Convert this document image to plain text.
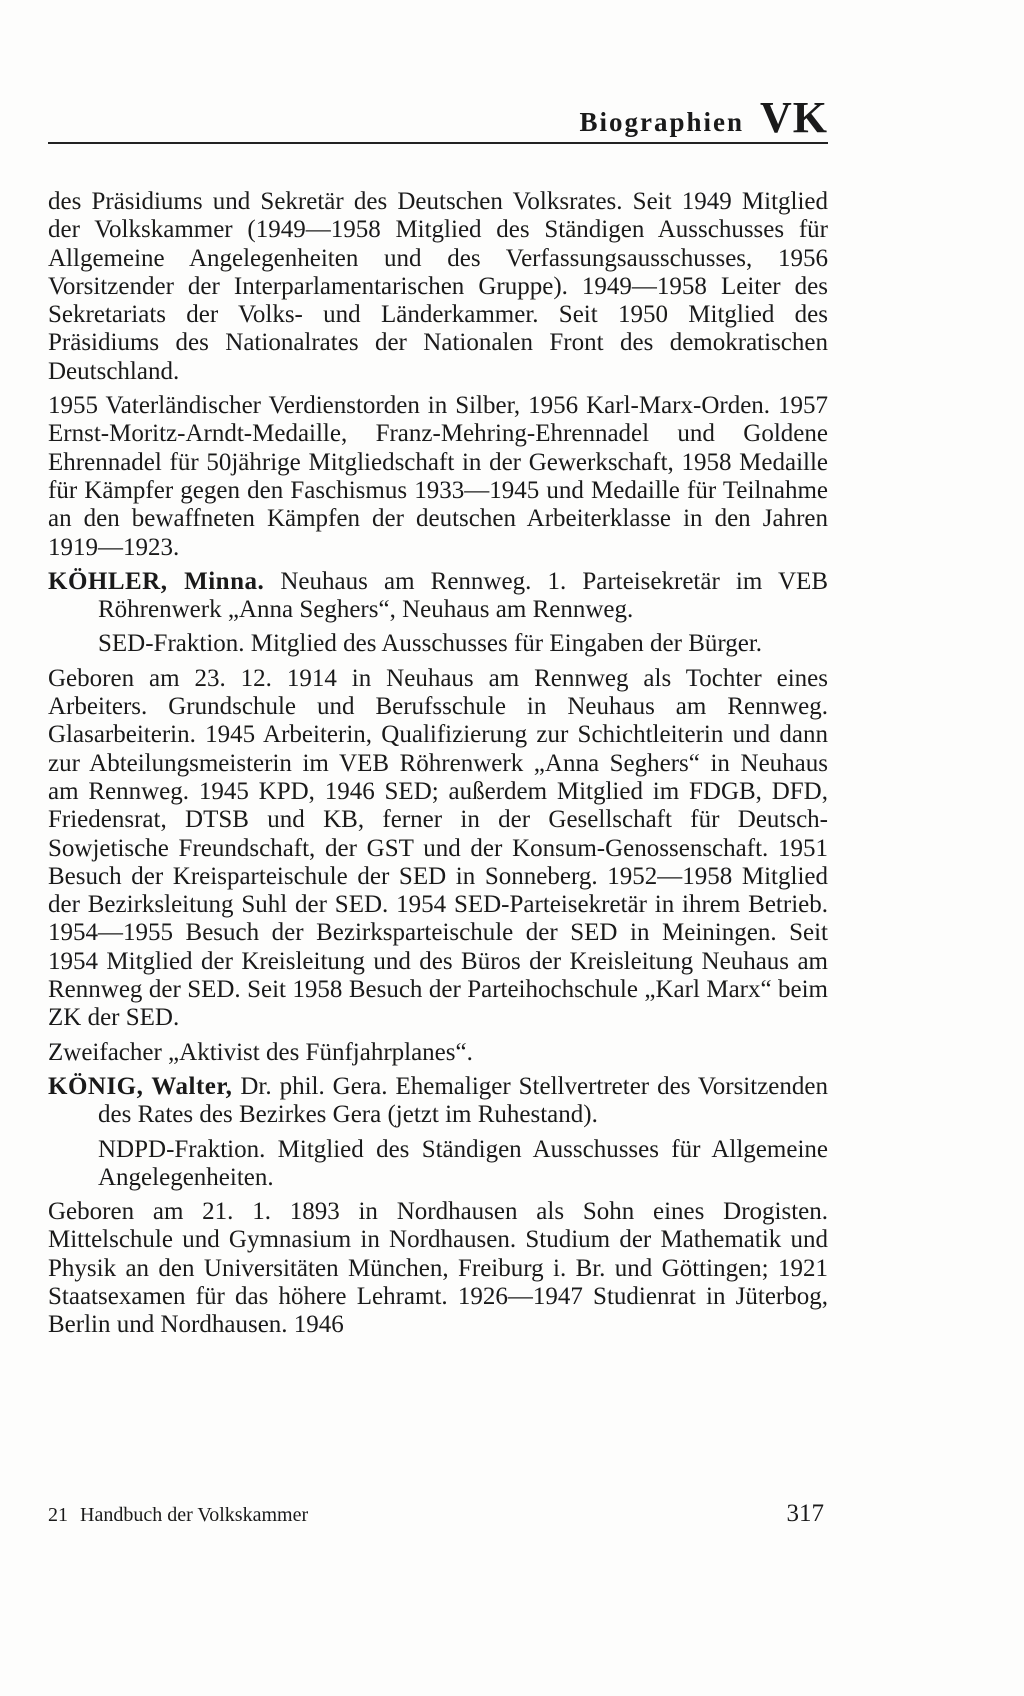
Biographien VK

des Präsidiums und Sekretär des Deutschen Volksrates. Seit 1949 Mitglied der Volkskammer (1949—1958 Mitglied des Ständigen Ausschusses für Allgemeine Angelegenheiten und des Verfassungsausschusses, 1956 Vorsitzender der Interparlamentarischen Gruppe). 1949—1958 Leiter des Sekretariats der Volks- und Länderkammer. Seit 1950 Mitglied des Präsidiums des Nationalrates der Nationalen Front des demokratischen Deutschland.

1955 Vaterländischer Verdienstorden in Silber, 1956 Karl-Marx-Orden. 1957 Ernst-Moritz-Arndt-Medaille, Franz-Mehring-Ehrennadel und Goldene Ehrennadel für 50jährige Mitgliedschaft in der Gewerkschaft, 1958 Medaille für Kämpfer gegen den Faschismus 1933—1945 und Medaille für Teilnahme an den bewaffneten Kämpfen der deutschen Arbeiterklasse in den Jahren 1919—1923.

KÖHLER, Minna. Neuhaus am Rennweg. 1. Parteisekretär im VEB Röhrenwerk „Anna Seghers“, Neuhaus am Rennweg.

SED-Fraktion. Mitglied des Ausschusses für Eingaben der Bürger.

Geboren am 23. 12. 1914 in Neuhaus am Rennweg als Tochter eines Arbeiters. Grundschule und Berufsschule in Neuhaus am Rennweg. Glasarbeiterin. 1945 Arbeiterin, Qualifizierung zur Schichtleiterin und dann zur Abteilungsmeisterin im VEB Röhrenwerk „Anna Seghers“ in Neuhaus am Rennweg. 1945 KPD, 1946 SED; außerdem Mitglied im FDGB, DFD, Friedensrat, DTSB und KB, ferner in der Gesellschaft für Deutsch-Sowjetische Freundschaft, der GST und der Konsum-Genossenschaft. 1951 Besuch der Kreisparteischule der SED in Sonneberg. 1952—1958 Mitglied der Bezirksleitung Suhl der SED. 1954 SED-Parteisekretär in ihrem Betrieb. 1954—1955 Besuch der Bezirksparteischule der SED in Meiningen. Seit 1954 Mitglied der Kreisleitung und des Büros der Kreisleitung Neuhaus am Rennweg der SED. Seit 1958 Besuch der Parteihochschule „Karl Marx“ beim ZK der SED.

Zweifacher „Aktivist des Fünfjahrplanes“.

KÖNIG, Walter, Dr. phil. Gera. Ehemaliger Stellvertreter des Vorsitzenden des Rates des Bezirkes Gera (jetzt im Ruhestand).

NDPD-Fraktion. Mitglied des Ständigen Ausschusses für Allgemeine Angelegenheiten.

Geboren am 21. 1. 1893 in Nordhausen als Sohn eines Drogisten. Mittelschule und Gymnasium in Nordhausen. Studium der Mathematik und Physik an den Universitäten München, Freiburg i. Br. und Göttingen; 1921 Staatsexamen für das höhere Lehramt. 1926—1947 Studienrat in Jüterbog, Berlin und Nordhausen. 1946

21 Handbuch der Volkskammer	317
